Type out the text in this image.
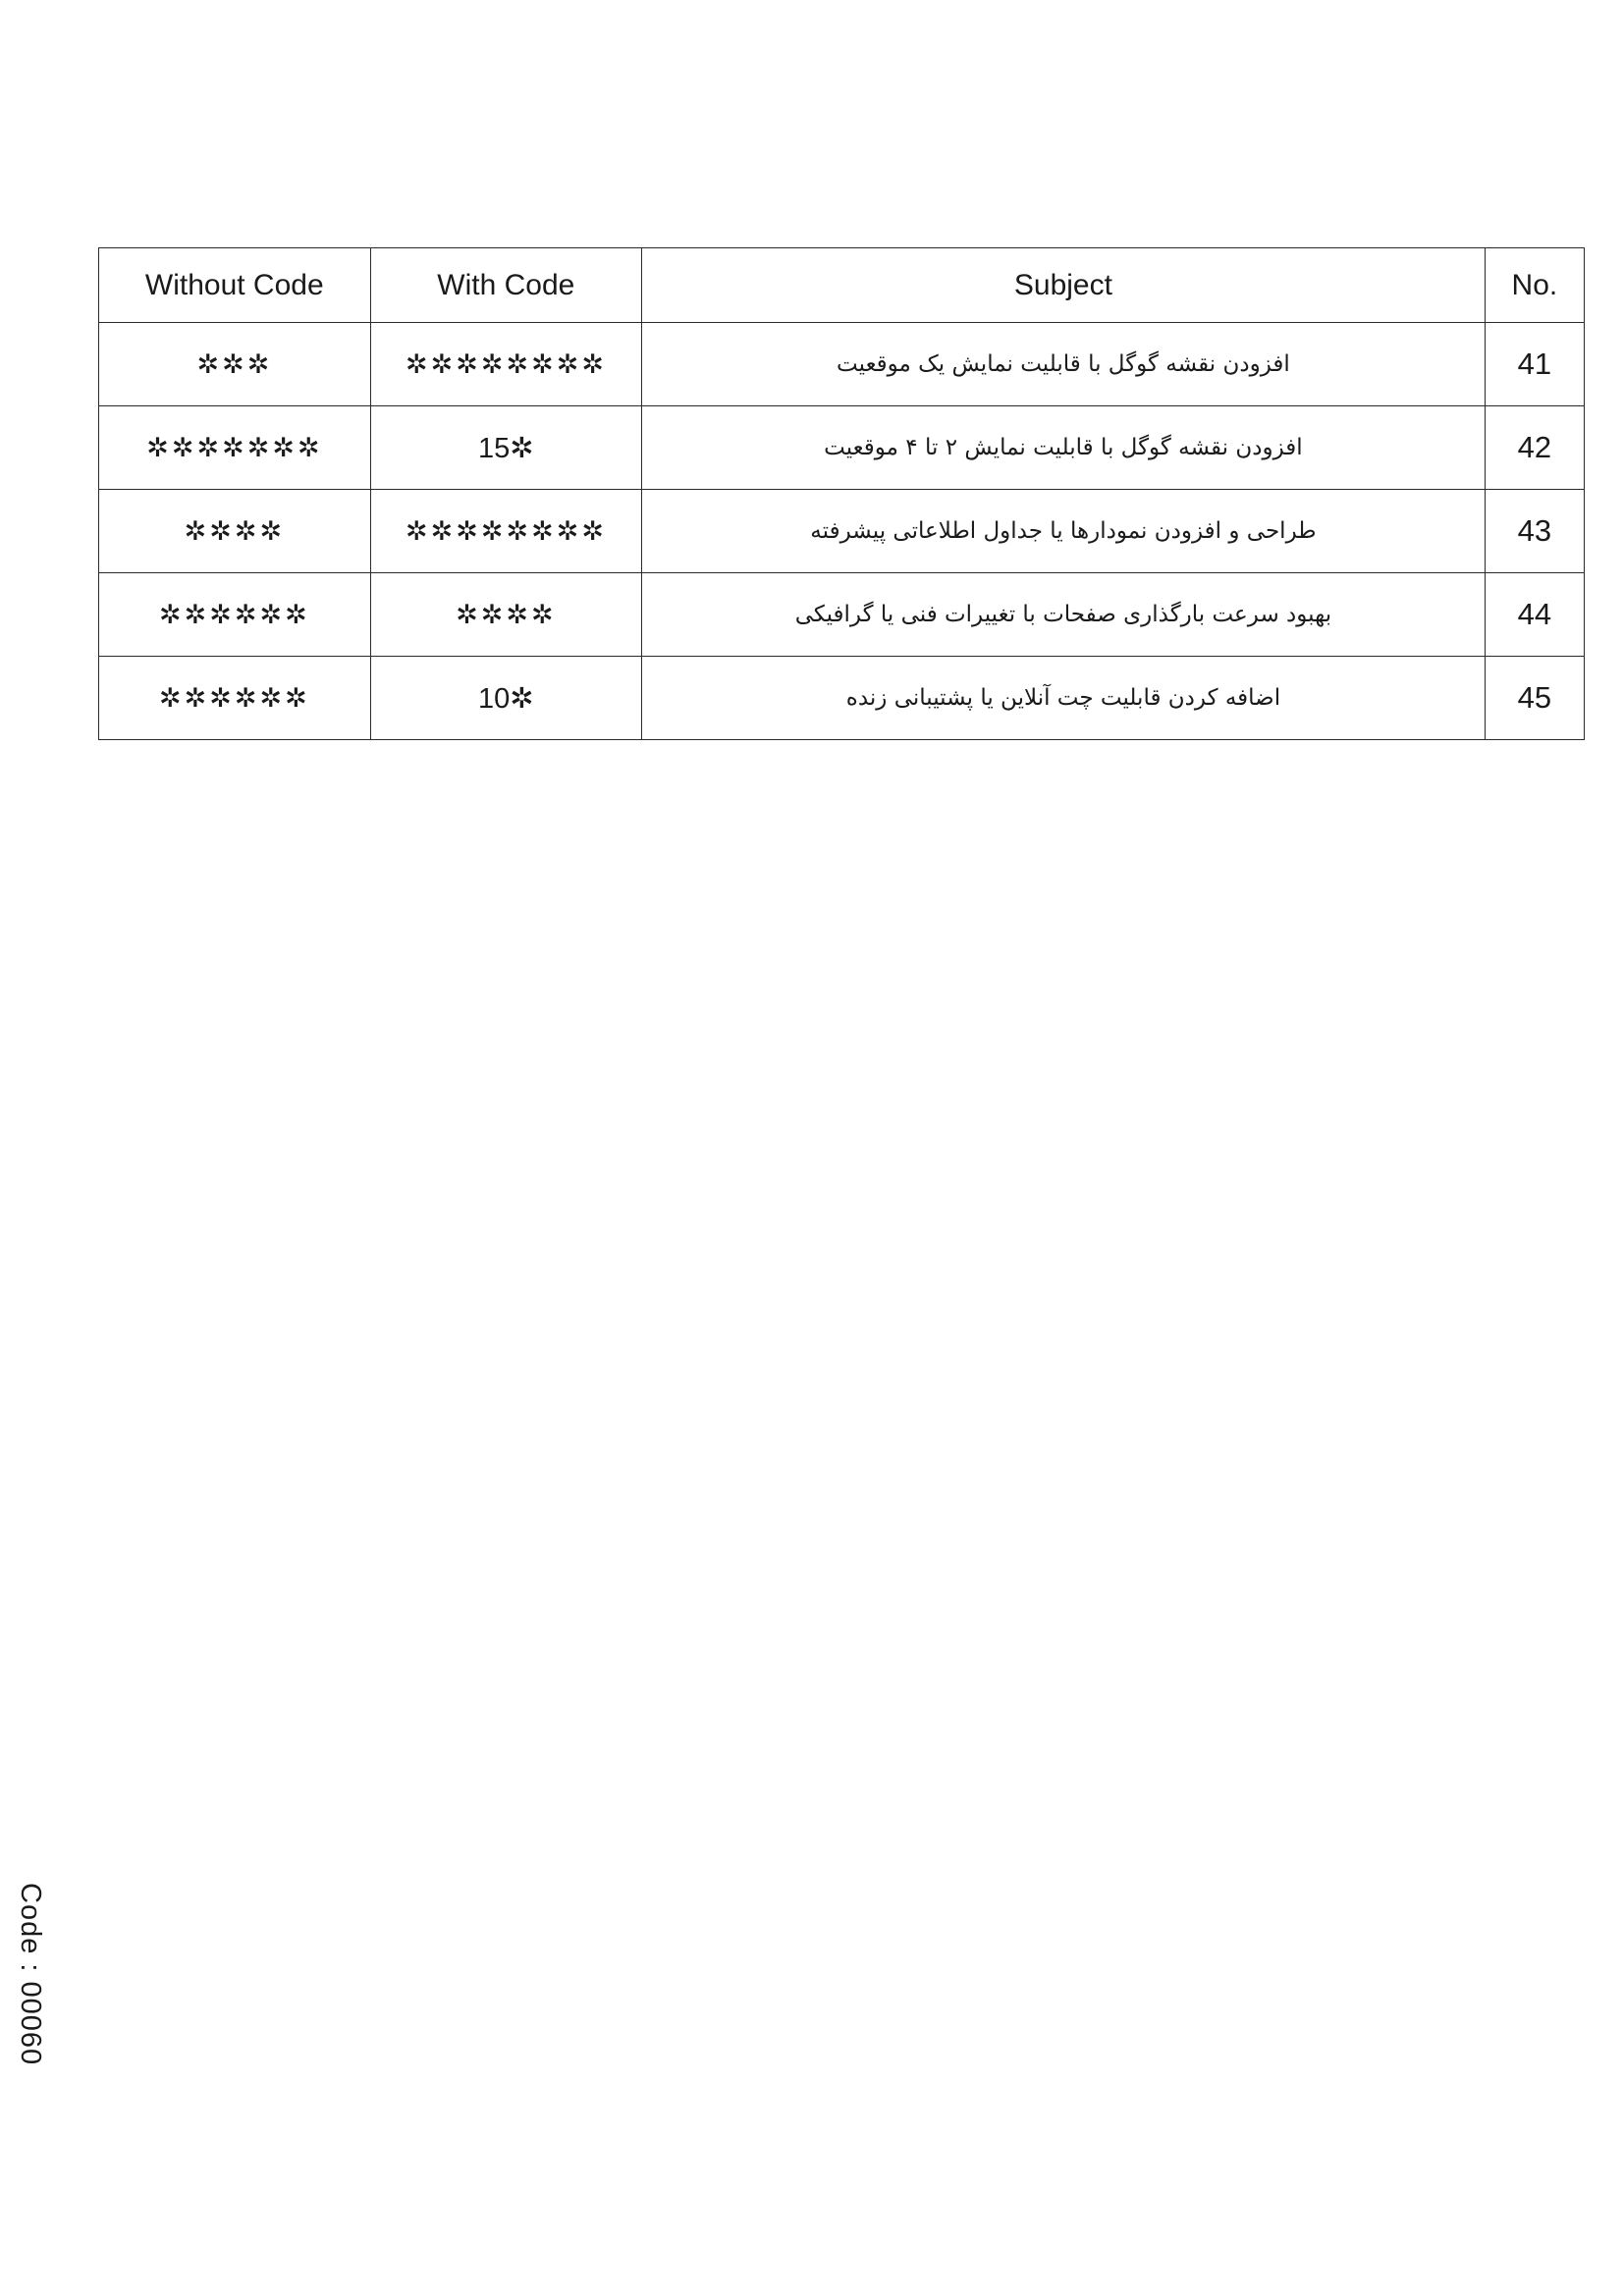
Without Code	With Code	Subject	No.
✲✲✲	✲✲✲✲✲✲✲✲	افزودن نقشه گوگل با قابلیت نمایش یک موقعیت	41
✲✲✲✲✲✲✲	15✲	افزودن نقشه گوگل با قابلیت نمایش ۲ تا ۴ موقعیت	42
✲✲✲✲	✲✲✲✲✲✲✲✲	طراحی و افزودن نمودارها یا جداول اطلاعاتی پیشرفته	43
✲✲✲✲✲✲	✲✲✲✲	بهبود سرعت بارگذاری صفحات با تغییرات فنی یا گرافیکی	44
✲✲✲✲✲✲	10✲	اضافه کردن قابلیت چت آنلاین یا پشتیبانی زنده	45
Code : 00060
